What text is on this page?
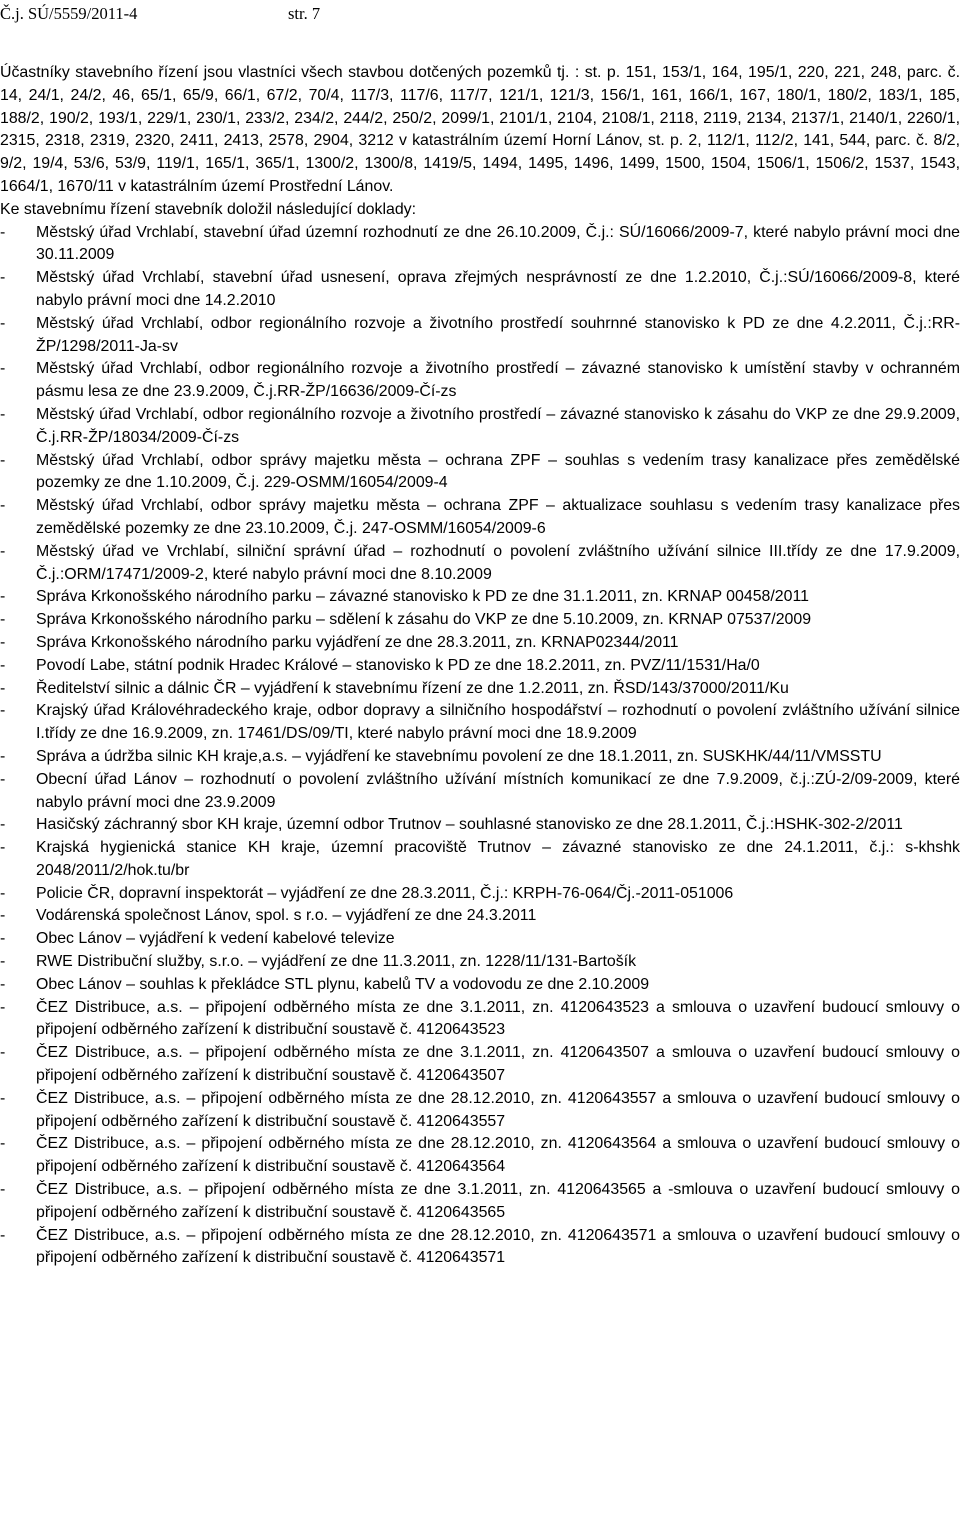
Č.j. SÚ/5559/2011-4	str. 7

Účastníky stavebního řízení jsou vlastníci všech stavbou dotčených pozemků tj. : st. p. 151, 153/1, 164, 195/1, 220, 221, 248, parc. č. 14, 24/1, 24/2, 46, 65/1, 65/9, 66/1, 67/2, 70/4, 117/3, 117/6, 117/7, 121/1, 121/3, 156/1, 161, 166/1, 167, 180/1, 180/2, 183/1, 185, 188/2, 190/2, 193/1, 229/1, 230/1, 233/2, 234/2, 244/2, 250/2, 2099/1, 2101/1, 2104, 2108/1, 2118, 2119, 2134, 2137/1, 2140/1, 2260/1, 2315, 2318, 2319, 2320, 2411, 2413, 2578, 2904, 3212 v katastrálním území Horní Lánov, st. p. 2, 112/1, 112/2, 141, 544, parc. č. 8/2, 9/2, 19/4, 53/6, 53/9, 119/1, 165/1, 365/1, 1300/2, 1300/8, 1419/5, 1494, 1495, 1496, 1499, 1500, 1504, 1506/1, 1506/2, 1537, 1543, 1664/1, 1670/11 v katastrálním území Prostřední Lánov.

Ke stavebnímu řízení stavebník doložil následující doklady:

- Městský úřad Vrchlabí, stavební úřad územní rozhodnutí ze dne 26.10.2009, Č.j.: SÚ/16066/2009-7, které nabylo právní moci dne 30.11.2009
- Městský úřad Vrchlabí, stavební úřad usnesení, oprava zřejmých nesprávností ze dne 1.2.2010, Č.j.:SÚ/16066/2009-8, které nabylo právní moci dne 14.2.2010
- Městský úřad Vrchlabí, odbor regionálního rozvoje a životního prostředí souhrnné stanovisko k PD ze dne 4.2.2011, Č.j.:RR-ŽP/1298/2011-Ja-sv
- Městský úřad Vrchlabí, odbor regionálního rozvoje a životního prostředí – závazné stanovisko k umístění stavby v ochranném pásmu lesa ze dne 23.9.2009, Č.j.RR-ŽP/16636/2009-Čí-zs
- Městský úřad Vrchlabí, odbor regionálního rozvoje a životního prostředí – závazné stanovisko k zásahu do VKP ze dne 29.9.2009, Č.j.RR-ŽP/18034/2009-Čí-zs
- Městský úřad Vrchlabí, odbor správy majetku města – ochrana ZPF – souhlas s vedením trasy kanalizace přes zemědělské pozemky ze dne 1.10.2009, Č.j. 229-OSMM/16054/2009-4
- Městský úřad Vrchlabí, odbor správy majetku města – ochrana ZPF – aktualizace souhlasu s vedením trasy kanalizace přes zemědělské pozemky ze dne 23.10.2009, Č.j. 247-OSMM/16054/2009-6
- Městský úřad ve Vrchlabí, silniční správní úřad – rozhodnutí o povolení zvláštního užívání silnice III.třídy ze dne 17.9.2009, Č.j.:ORM/17471/2009-2, které nabylo právní moci dne 8.10.2009
- Správa Krkonošského národního parku – závazné stanovisko k PD ze dne 31.1.2011, zn. KRNAP 00458/2011
- Správa Krkonošského národního parku – sdělení k zásahu do VKP ze dne 5.10.2009, zn. KRNAP 07537/2009
- Správa Krkonošského národního parku vyjádření ze dne 28.3.2011, zn. KRNAP02344/2011
- Povodí Labe, státní podnik Hradec Králové – stanovisko k PD ze dne 18.2.2011, zn. PVZ/11/1531/Ha/0
- Ředitelství silnic a dálnic ČR – vyjádření k stavebnímu řízení ze dne 1.2.2011, zn. ŘSD/143/37000/2011/Ku
- Krajský úřad Královéhradeckého kraje, odbor dopravy a silničního hospodářství – rozhodnutí o povolení zvláštního užívání silnice I.třídy ze dne 16.9.2009, zn. 17461/DS/09/TI, které nabylo právní moci dne 18.9.2009
- Správa a údržba silnic KH kraje,a.s. – vyjádření ke stavebnímu povolení ze dne 18.1.2011, zn. SUSKHK/44/11/VMSSTU
- Obecní úřad Lánov – rozhodnutí o povolení zvláštního užívání místních komunikací ze dne 7.9.2009, č.j.:ZÚ-2/09-2009, které nabylo právní moci dne 23.9.2009
- Hasičský záchranný sbor KH kraje, územní odbor Trutnov – souhlasné stanovisko ze dne 28.1.2011, Č.j.:HSHK-302-2/2011
- Krajská hygienická stanice KH kraje, územní pracoviště Trutnov – závazné stanovisko ze dne 24.1.2011, č.j.: s-khshk 2048/2011/2/hok.tu/br
- Policie ČR, dopravní inspektorát – vyjádření ze dne 28.3.2011, Č.j.: KRPH-76-064/Čj.-2011-051006
- Vodárenská společnost Lánov, spol. s r.o. – vyjádření ze dne 24.3.2011
- Obec Lánov – vyjádření k vedení kabelové televize
- RWE Distribuční služby, s.r.o. – vyjádření ze dne 11.3.2011, zn. 1228/11/131-Bartošík
- Obec Lánov – souhlas k překládce STL plynu, kabelů TV a vodovodu ze dne 2.10.2009
- ČEZ Distribuce, a.s. – připojení odběrného místa ze dne 3.1.2011, zn. 4120643523 a smlouva o uzavření budoucí smlouvy o připojení odběrného zařízení k distribuční soustavě č. 4120643523
- ČEZ Distribuce, a.s. – připojení odběrného místa ze dne 3.1.2011, zn. 4120643507 a smlouva o uzavření budoucí smlouvy o připojení odběrného zařízení k distribuční soustavě č. 4120643507
- ČEZ Distribuce, a.s. – připojení odběrného místa ze dne 28.12.2010, zn. 4120643557 a smlouva o uzavření budoucí smlouvy o připojení odběrného zařízení k distribuční soustavě č. 4120643557
- ČEZ Distribuce, a.s. – připojení odběrného místa ze dne 28.12.2010, zn. 4120643564 a smlouva o uzavření budoucí smlouvy o připojení odběrného zařízení k distribuční soustavě č. 4120643564
- ČEZ Distribuce, a.s. – připojení odběrného místa ze dne 3.1.2011, zn. 4120643565 a -smlouva o uzavření budoucí smlouvy o připojení odběrného zařízení k distribuční soustavě č. 4120643565
- ČEZ Distribuce, a.s. – připojení odběrného místa ze dne 28.12.2010, zn. 4120643571 a smlouva o uzavření budoucí smlouvy o připojení odběrného zařízení k distribuční soustavě č. 4120643571
